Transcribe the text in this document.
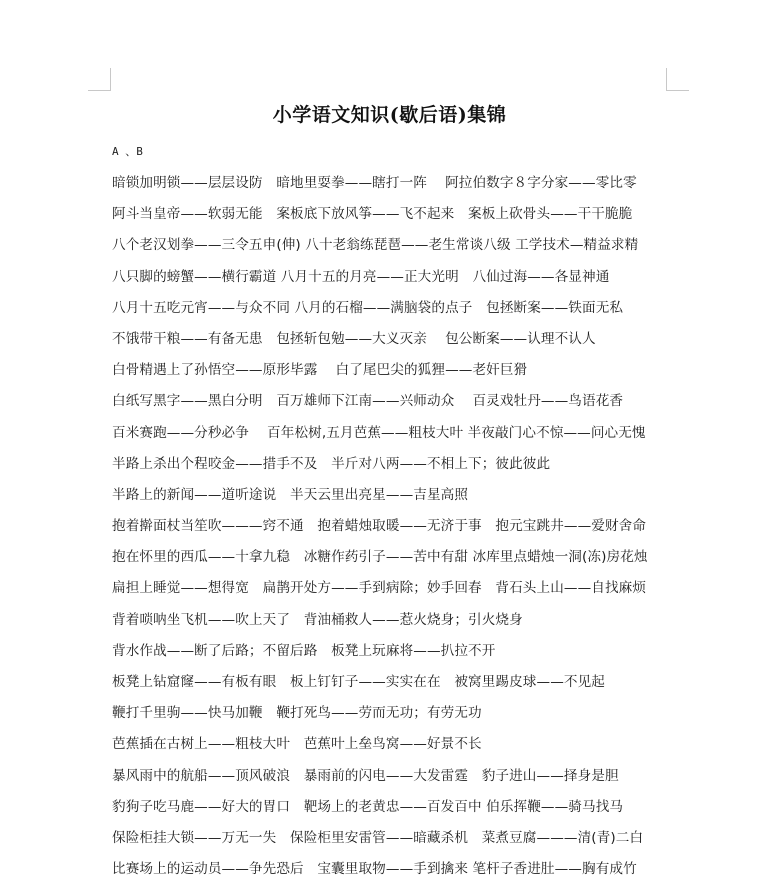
小学语文知识(歇后语)集锦
A 、B
暗锁加明锁——层层设防　暗地里耍拳——瞎打一阵　 阿拉伯数字８字分家——零比零
阿斗当皇帝——软弱无能　案板底下放风筝——飞不起来　案板上砍骨头——干干脆脆
八个老汉划拳——三令五申(伸) 八十老翁练琵琶——老生常谈八级 工学技术—精益求精
八只脚的螃蟹——横行霸道 八月十五的月亮——正大光明　八仙过海——各显神通
八月十五吃元宵——与众不同 八月的石榴——满脑袋的点子　包拯断案——铁面无私
不饿带干粮——有备无患　包拯斩包勉——大义灭亲　 包公断案——认理不认人
白骨精遇上了孙悟空——原形毕露　 白了尾巴尖的狐狸——老奸巨猾
白纸写黑字——黑白分明　百万雄师下江南——兴师动众　 百灵戏牡丹——鸟语花香
百米赛跑——分秒必争　 百年松树,五月芭蕉——粗枝大叶 半夜敲门心不惊——问心无愧
半路上杀出个程咬金——措手不及　半斤对八两——不相上下；彼此彼此
半路上的新闻——道听途说　半天云里出亮星——吉星高照
抱着擀面杖当笙吹———窍不通　抱着蜡烛取暖——无济于事　抱元宝跳井——爱财舍命
抱在怀里的西瓜——十拿九稳　冰糖作药引子——苦中有甜 冰库里点蜡烛一洞(冻)房花烛
扁担上睡觉——想得宽　扁鹊开处方——手到病除；妙手回春　背石头上山——自找麻烦
背着唢呐坐飞机——吹上天了　背油桶救人——惹火烧身；引火烧身
背水作战——断了后路；不留后路　板凳上玩麻将——扒拉不开
板凳上钻窟窿——有板有眼　板上钉钉子——实实在在　被窝里踢皮球——不见起
鞭打千里驹——快马加鞭　鞭打死鸟——劳而无功；有劳无功
芭蕉插在古树上——粗枝大叶　芭蕉叶上垒鸟窝——好景不长
暴风雨中的航船——顶风破浪　暴雨前的闪电——大发雷霆　豹子进山——择身是胆
豹狗子吃马鹿——好大的胃口　靶场上的老黄忠——百发百中 伯乐挥鞭——骑马找马
保险柜挂大锁——万无一失　保险柜里安雷管——暗藏杀机　菜煮豆腐———清(青)二白
比赛场上的运动员——争先恐后　宝囊里取物——手到擒来 笔杆子香进肚——胸有成竹
